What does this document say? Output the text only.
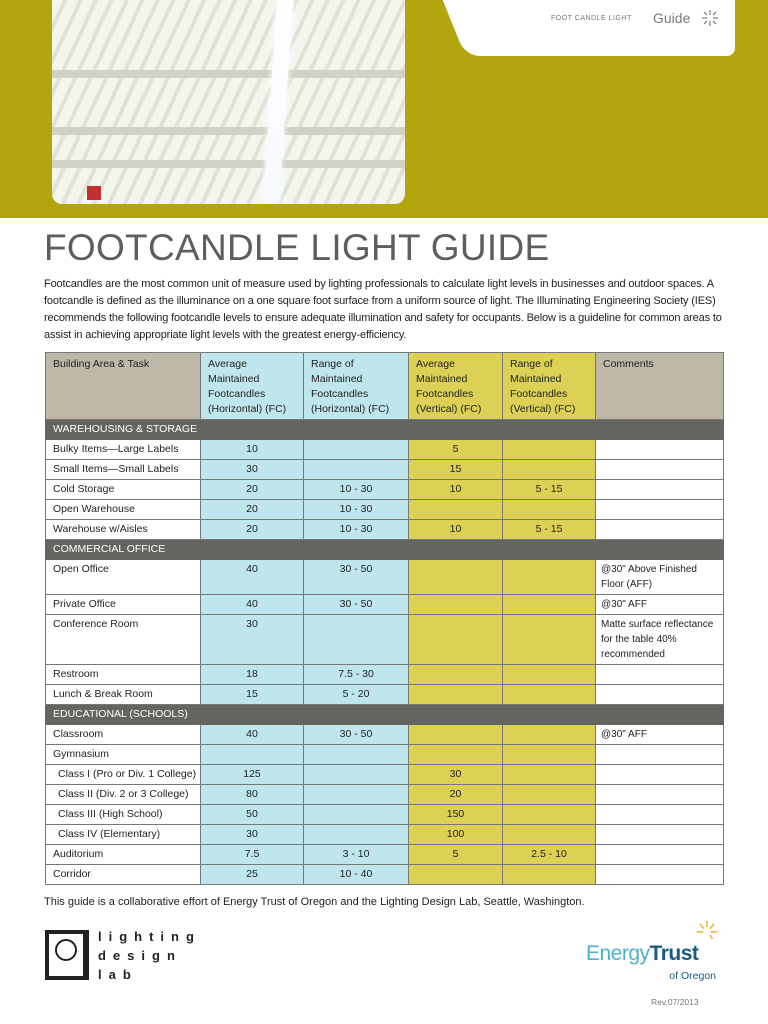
FOOT CANDLE LIGHT Guide
FOOTCANDLE LIGHT GUIDE

Footcandles are the most common unit of measure used by lighting professionals to calculate light levels in businesses and outdoor spaces. A footcandle is defined as the illuminance on a one square foot surface from a uniform source of light. The Illuminating Engineering Society (IES) recommends the following footcandle levels to ensure adequate illumination and safety for occupants. Below is a guideline for common areas to assist in achieving appropriate light levels with the greatest energy-efficiency.

Building Area & Task	Average Maintained Footcandles (Horizontal) (FC)	Range of Maintained Footcandles (Horizontal) (FC)	Average Maintained Footcandles (Vertical) (FC)	Range of Maintained Footcandles (Vertical) (FC)	Comments
WAREHOUSING & STORAGE					
Bulky Items—Large Labels	10		5		
Small Items—Small Labels	30		15		
Cold Storage	20	10 - 30	10	5 - 15	
Open Warehouse	20	10 - 30			
Warehouse w/Aisles	20	10 - 30	10	5 - 15	
COMMERCIAL OFFICE					
Open Office	40	30 - 50			@30" Above Finished Floor (AFF)
Private Office	40	30 - 50			@30" AFF
Conference Room	30				Matte surface reflectance for the table 40% recommended
Restroom	18	7.5 - 30			
Lunch & Break Room	15	5 - 20			
EDUCATIONAL (SCHOOLS)					
Classroom	40	30 - 50			@30" AFF
Gymnasium					
Class I (Pro or Div. 1 College)	125		30		
Class II (Div. 2 or 3 College)	80		20		
Class III (High School)	50		150		
Class IV (Elementary)	30		100		
Auditorium	7.5	3 - 10	5	2.5 - 10	
Corridor	25	10 - 40			
This guide is a collaborative effort of Energy Trust of Oregon and the Lighting Design Lab, Seattle, Washington.
lighting
design
lab
EnergyTrust
of Oregon
Rev.07/2013
